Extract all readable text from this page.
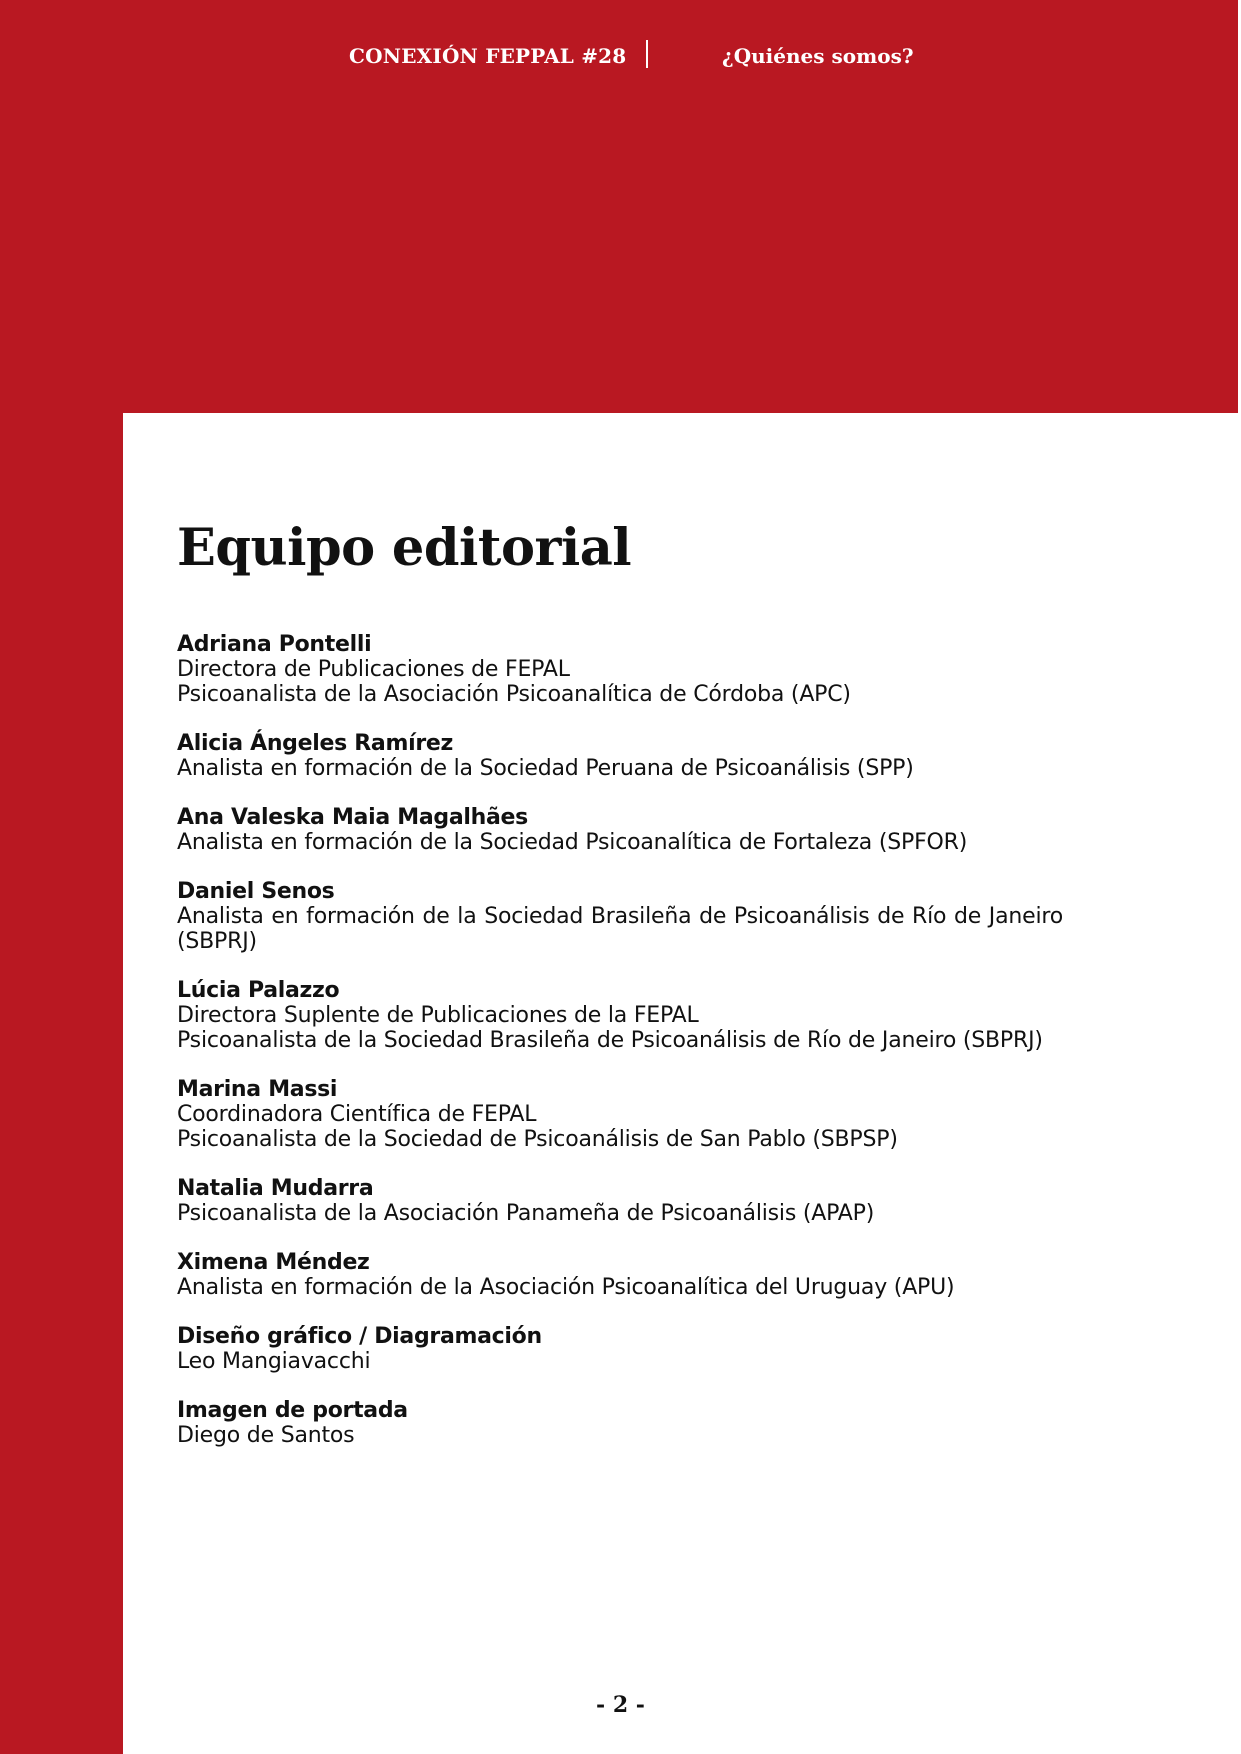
CONEXIÓN FEPPAL #28	¿Quiénes somos?
Equipo editorial
Adriana Pontelli
Directora de Publicaciones de FEPAL
Psicoanalista de la Asociación Psicoanalítica de Córdoba (APC)
Alicia Ángeles Ramírez
Analista en formación de la Sociedad Peruana de Psicoanálisis (SPP)
Ana Valeska Maia Magalhães
Analista en formación de la Sociedad Psicoanalítica de Fortaleza (SPFOR)
Daniel Senos
Analista en formación de la Sociedad Brasileña de Psicoanálisis de Río de Janeiro (SBPRJ)
Lúcia Palazzo
Directora Suplente de Publicaciones de la FEPAL
Psicoanalista de la Sociedad Brasileña de Psicoanálisis de Río de Janeiro (SBPRJ)
Marina Massi
Coordinadora Científica de FEPAL
Psicoanalista de la Sociedad de Psicoanálisis de San Pablo (SBPSP)
Natalia Mudarra
Psicoanalista de la Asociación Panameña de Psicoanálisis (APAP)
Ximena Méndez
Analista en formación de la Asociación Psicoanalítica del Uruguay (APU)
Diseño gráfico / Diagramación
Leo Mangiavacchi
Imagen de portada
Diego de Santos
- 2 -
